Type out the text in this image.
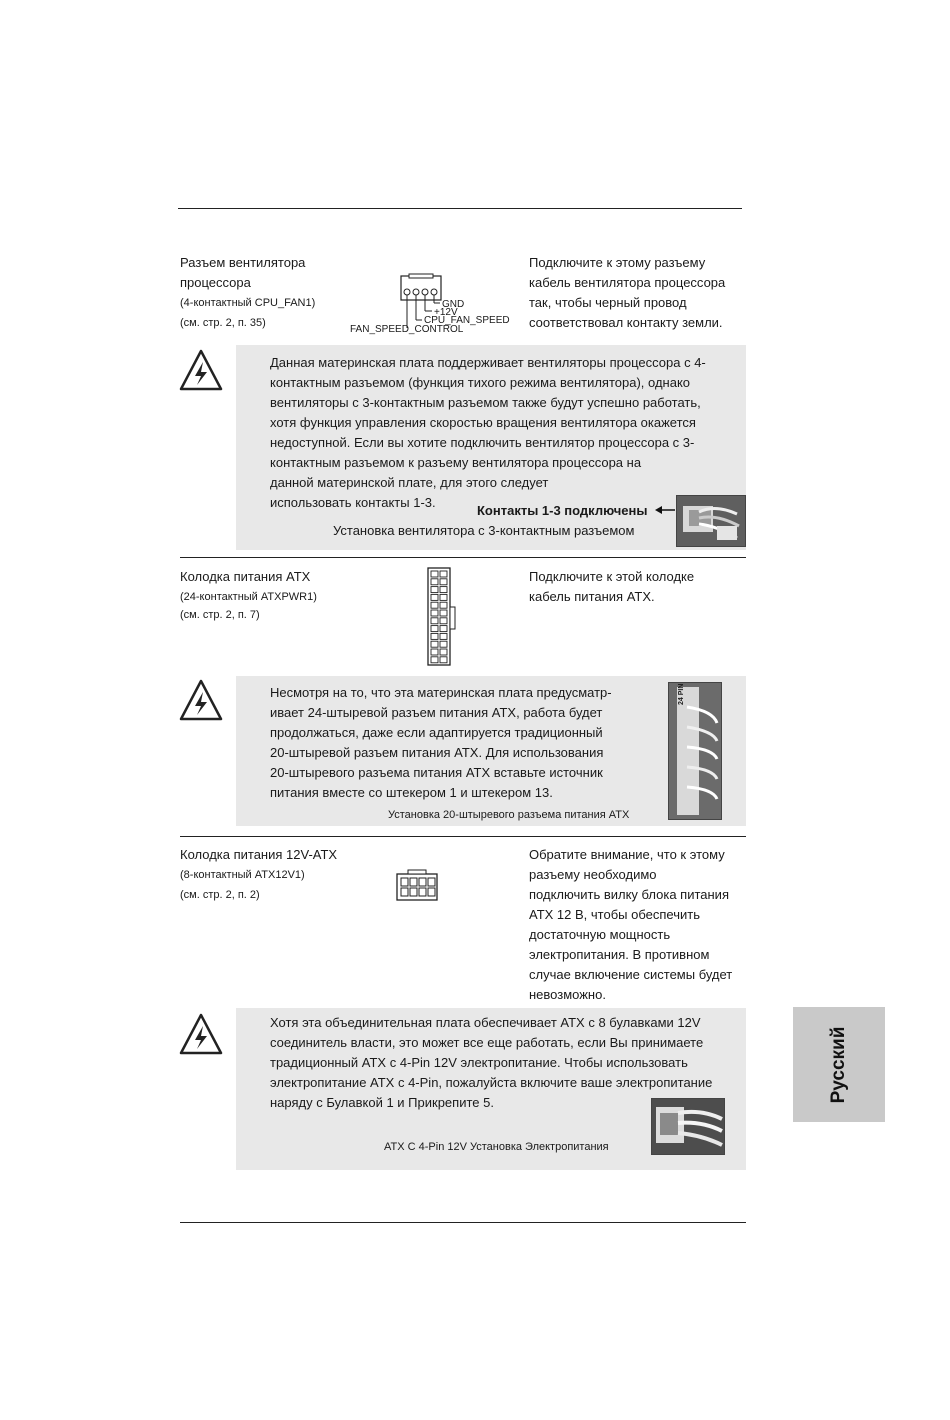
Разъем вентилятора
процессора
(4-контактный CPU_FAN1)
(см. стр. 2, п. 35)
GND
+12V
CPU_FAN_SPEED
FAN_SPEED_CONTROL
Подключите к этому разъему
кабель вентилятора процессора
так, чтобы черный провод
соответствовал контакту земли.
Данная материнская плата поддерживает вентиляторы процессора с 4-
контактным разъемом (функция тихого режима вентилятора), однако
вентиляторы с 3-контактным разъемом также будут успешно работать,
хотя функция управления скоростью вращения вентилятора окажется
недоступной. Если вы хотите подключить вентилятор процессора с 3-
контактным разъемом к разъему вентилятора процессора на
данной материнской плате, для этого следует
использовать контакты 1-3.
Контакты 1-3 подключены
Установка вентилятора с 3-контактным разъемом
Колодка питания ATX
(24-контактный ATXPWR1)
(см. стр. 2, п. 7)
Подключите к этой колодке
кабель питания ATX.
Несмотря на то, что эта материнская плата предусматр-
ивает 24-штыревой разъем питания ATX, работа будет
продолжаться, даже если адаптируется традиционный
20-штыревой разъем питания ATX. Для использования
20-штыревого разъема питания ATX вставьте источник
питания вместе со штекером 1 и штекером 13.
24 PIN
Установка 20-штыревого разъема питания ATX
Колодка питания 12V-ATX
(8-контактный ATX12V1)
(см. стр. 2, п. 2)
Обратите внимание, что к этому
разъему необходимо
подключить вилку блока питания
ATX 12 В, чтобы обеспечить
достаточную мощность
электропитания. В противном
случае включение системы будет
невозможно.
Хотя эта объединительная плата обеспечивает ATX с 8 булавками 12V
соединитель власти, это может все еще работать, если Вы принимаете
традиционный ATX с 4-Pin 12V электропитание. Чтобы использовать
электропитание ATX с 4-Pin, пожалуйста включите ваше электропитание
наряду с Булавкой 1 и Прикрепите 5.
ATX С 4-Pin 12V Установка Электропитания
Русский
